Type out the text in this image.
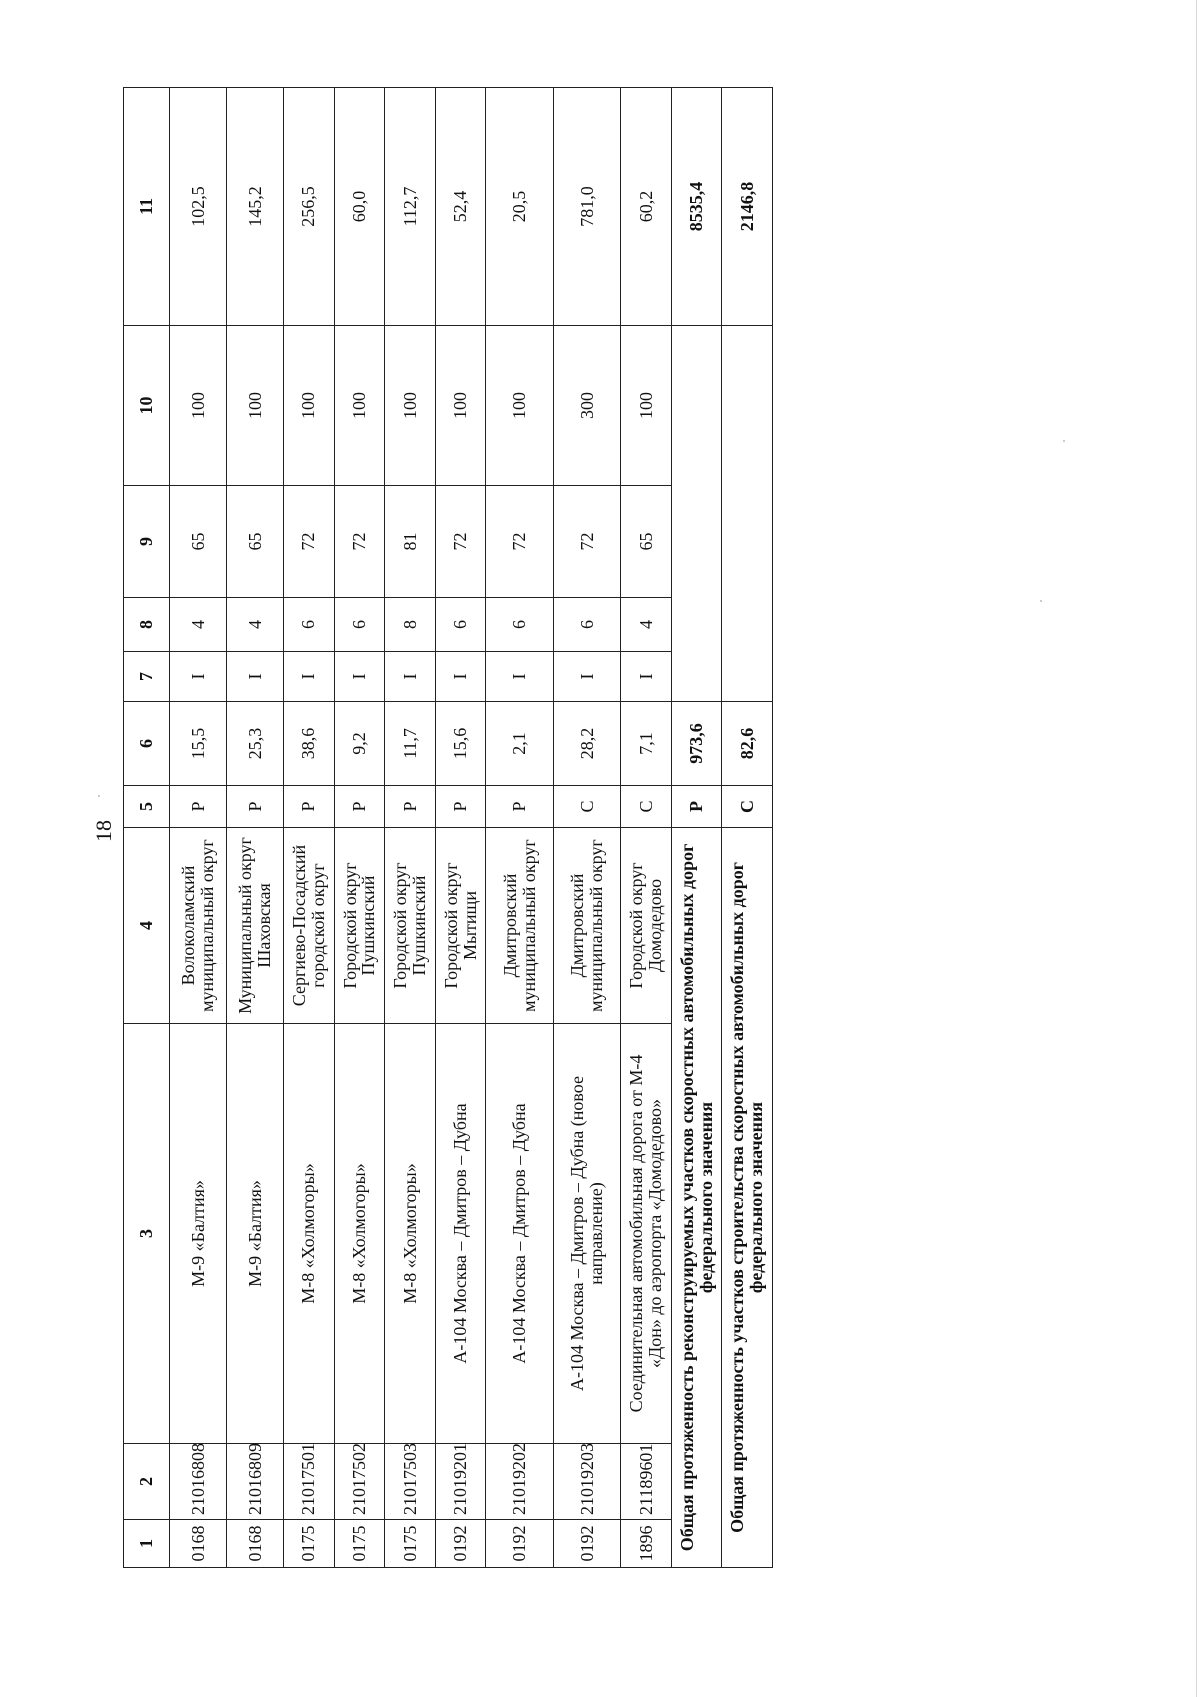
18
1	2	3	4	5	6	7	8	9	10	11
0168	21016808	М-9 «Балтия»	Волоколамский муниципальный округ	Р	15,5	I	4	65	100	102,5
0168	21016809	М-9 «Балтия»	Муниципальный округ Шаховская	Р	25,3	I	4	65	100	145,2
0175	21017501	М-8 «Холмогоры»	Сергиево-Посадский городской округ	Р	38,6	I	6	72	100	256,5
0175	21017502	М-8 «Холмогоры»	Городской округ Пушкинский	Р	9,2	I	6	72	100	60,0
0175	21017503	М-8 «Холмогоры»	Городской округ Пушкинский	Р	11,7	I	8	81	100	112,7
0192	21019201	А-104 Москва – Дмитров – Дубна	Городской округ Мытищи	Р	15,6	I	6	72	100	52,4
0192	21019202	А-104 Москва – Дмитров – Дубна	Дмитровский муниципальный округ	Р	2,1	I	6	72	100	20,5
0192	21019203	А-104 Москва – Дмитров – Дубна (новое направление)	Дмитровский муниципальный округ	С	28,2	I	6	72	300	781,0
1896	21189601	Соединительная автомобильная дорога от М-4 «Дон» до аэропорта «Домодедово»	Городской округ Домодедово	С	7,1	I	4	65	100	60,2
Общая протяженность реконструируемых участков скоростных автомобильных дорог федерального значения				Р	973,6					8535,4
Общая протяженность участков строительства скоростных автомобильных дорог федерального значения				С	82,6					2146,8
